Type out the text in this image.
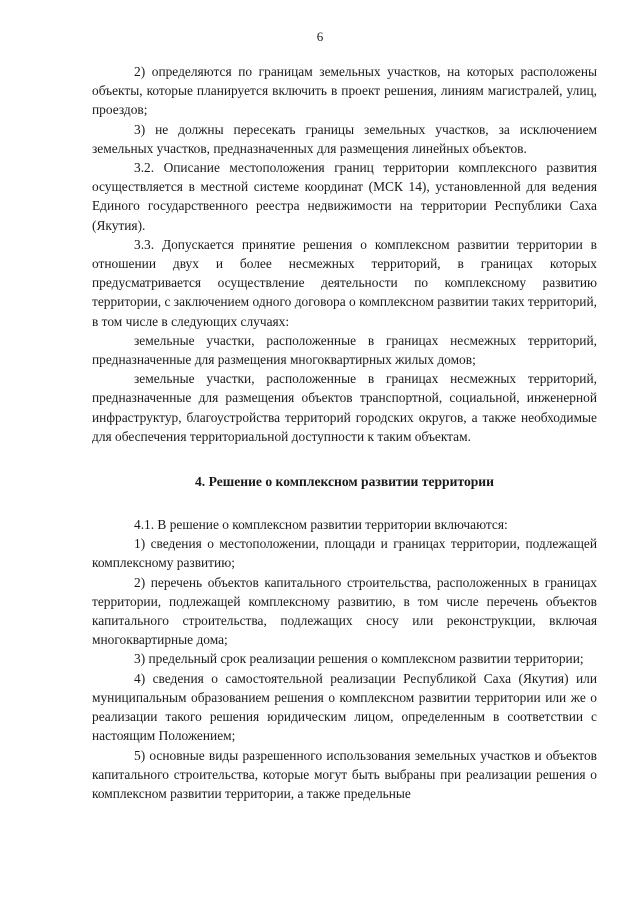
6

2) определяются по границам земельных участков, на которых расположены объекты, которые планируется включить в проект решения, линиям магистралей, улиц, проездов;

3) не должны пересекать границы земельных участков, за исключением земельных участков, предназначенных для размещения линейных объектов.

3.2. Описание местоположения границ территории комплексного развития осуществляется в местной системе координат (МСК 14), установленной для ведения Единого государственного реестра недвижимости на территории Республики Саха (Якутия).

3.3. Допускается принятие решения о комплексном развитии территории в отношении двух и более несмежных территорий, в границах которых предусматривается осуществление деятельности по комплексному развитию территории, с заключением одного договора о комплексном развитии таких территорий, в том числе в следующих случаях:

земельные участки, расположенные в границах несмежных территорий, предназначенные для размещения многоквартирных жилых домов;

земельные участки, расположенные в границах несмежных территорий, предназначенные для размещения объектов транспортной, социальной, инженерной инфраструктур, благоустройства территорий городских округов, а также необходимые для обеспечения территориальной доступности к таким объектам.

4. Решение о комплексном развитии территории

4.1. В решение о комплексном развитии территории включаются:

1) сведения о местоположении, площади и границах территории, подлежащей комплексному развитию;

2) перечень объектов капитального строительства, расположенных в границах территории, подлежащей комплексному развитию, в том числе перечень объектов капитального строительства, подлежащих сносу или реконструкции, включая многоквартирные дома;

3) предельный срок реализации решения о комплексном развитии территории;

4) сведения о самостоятельной реализации Республикой Саха (Якутия) или муниципальным образованием решения о комплексном развитии территории или же о реализации такого решения юридическим лицом, определенным в соответствии с настоящим Положением;

5) основные виды разрешенного использования земельных участков и объектов капитального строительства, которые могут быть выбраны при реализации решения о комплексном развитии территории, а также предельные
